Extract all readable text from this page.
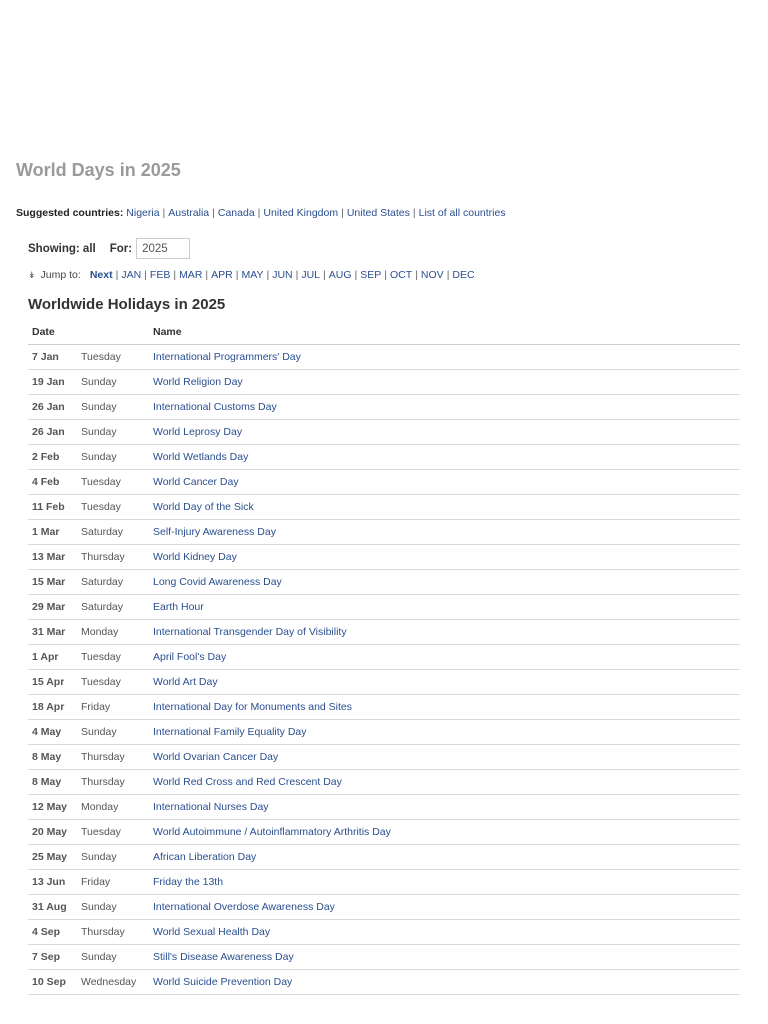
World Days in 2025
Suggested countries: Nigeria | Australia | Canada | United Kingdom | United States | List of all countries
Showing: all For:
2025
↡ Jump to: Next | JAN | FEB | MAR | APR | MAY | JUN | JUL | AUG | SEP | OCT | NOV | DEC
Worldwide Holidays in 2025
Date		Name
7 Jan	Tuesday	International Programmers' Day
19 Jan	Sunday	World Religion Day
26 Jan	Sunday	International Customs Day
26 Jan	Sunday	World Leprosy Day
2 Feb	Sunday	World Wetlands Day
4 Feb	Tuesday	World Cancer Day
11 Feb	Tuesday	World Day of the Sick
1 Mar	Saturday	Self-Injury Awareness Day
13 Mar	Thursday	World Kidney Day
15 Mar	Saturday	Long Covid Awareness Day
29 Mar	Saturday	Earth Hour
31 Mar	Monday	International Transgender Day of Visibility
1 Apr	Tuesday	April Fool's Day
15 Apr	Tuesday	World Art Day
18 Apr	Friday	International Day for Monuments and Sites
4 May	Sunday	International Family Equality Day
8 May	Thursday	World Ovarian Cancer Day
8 May	Thursday	World Red Cross and Red Crescent Day
12 May	Monday	International Nurses Day
20 May	Tuesday	World Autoimmune / Autoinflammatory Arthritis Day
25 May	Sunday	African Liberation Day
13 Jun	Friday	Friday the 13th
31 Aug	Sunday	International Overdose Awareness Day
4 Sep	Thursday	World Sexual Health Day
7 Sep	Sunday	Still's Disease Awareness Day
10 Sep	Wednesday	World Suicide Prevention Day
